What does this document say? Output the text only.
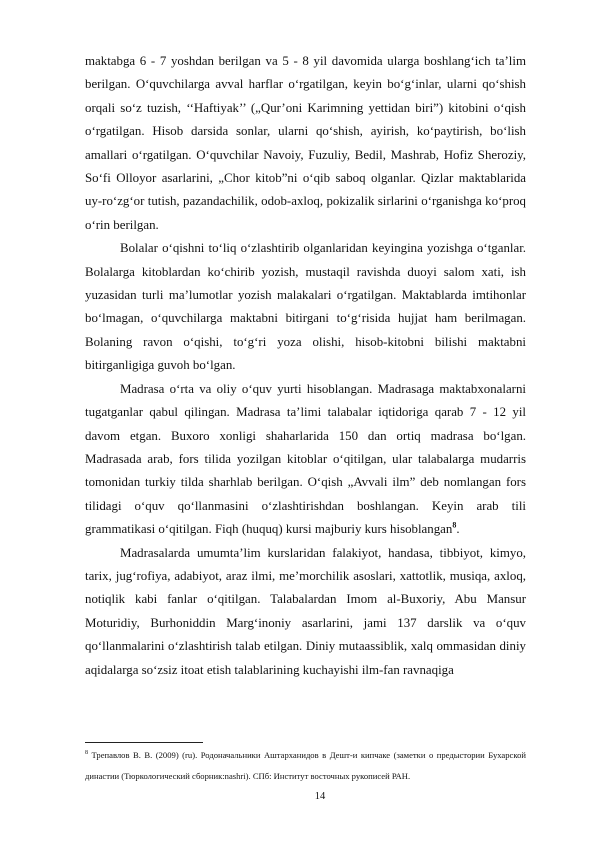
maktabga 6 - 7 yoshdan berilgan va 5 - 8 yil davomida ularga boshlang‘ich ta’lim berilgan. O‘quvchilarga avval harflar o‘rgatilgan, keyin bo‘g‘inlar, ularni qo‘shish orqali so‘z tuzish, ‘‘Haftiyak’’ („Qur’oni Karimning yettidan biri”) kitobini o‘qish o‘rgatilgan. Hisob darsida sonlar, ularni qo‘shish, ayirish, ko‘paytirish, bo‘lish amallari o‘rgatilgan. O‘quvchilar Navoiy, Fuzuliy, Bedil, Mashrab, Hofiz Sheroziy, So‘fi Olloyor asarlarini, „Chor kitob”ni o‘qib saboq olganlar. Qizlar maktablarida uy-ro‘zg‘or tutish, pazandachilik, odob-axloq, pokizalik sirlarini o‘rganishga ko‘proq o‘rin berilgan.

Bolalar o‘qishni to‘liq o‘zlashtirib olganlaridan keyingina yozishga o‘tganlar. Bolalarga kitoblardan ko‘chirib yozish, mustaqil ravishda duoyi salom xati, ish yuzasidan turli ma’lumotlar yozish malakalari o‘rgatilgan. Maktablarda imtihonlar bo‘lmagan, o‘quvchilarga maktabni bitirgani to‘g‘risida hujjat ham berilmagan. Bolaning ravon o‘qishi, to‘g‘ri yoza olishi, hisob-kitobni bilishi maktabni bitirganligiga guvoh bo‘lgan.

Madrasa o‘rta va oliy o‘quv yurti hisoblangan. Madrasaga maktabxonalarni tugatganlar qabul qilingan. Madrasa ta’limi talabalar iqtidoriga qarab 7 - 12 yil davom etgan. Buxoro xonligi shaharlarida 150 dan ortiq madrasa bo‘lgan. Madrasada arab, fors tilida yozilgan kitoblar o‘qitilgan, ular talabalarga mudarris tomonidan turkiy tilda sharhlab berilgan. O‘qish „Avvali ilm” deb nomlangan fors tilidagi o‘quv qo‘llanmasini o‘zlashtirishdan boshlangan. Keyin arab tili grammatikasi o‘qitilgan. Fiqh (huquq) kursi majburiy kurs hisoblangan$^8$.

Madrasalarda umumta’lim kurslaridan falakiyot, handasa, tibbiyot, kimyo, tarix, jug‘rofiya, adabiyot, araz ilmi, me’morchilik asoslari, xattotlik, musiqa, axloq, notiqlik kabi fanlar o‘qitilgan. Talabalardan Imom al-Buxoriy, Abu Mansur Moturidiy, Burhoniddin Marg‘inoniy asarlarini, jami 137 darslik va o‘quv qo‘llanmalarini o‘zlashtirish talab etilgan. Diniy mutaassiblik, xalq ommasidan diniy aqidalarga so‘zsiz itoat etish talablarining kuchayishi ilm-fan ravnaqiga

$^8$ Трепавлов В. В. (2009) (ru). Родоначальники Аштарханидов в Дешт-и кипчаке (заметки о предыстории Бухарской династии (Тюркологический сборник:nashri). СПб: Институт восточных рукописей РАН.

14
